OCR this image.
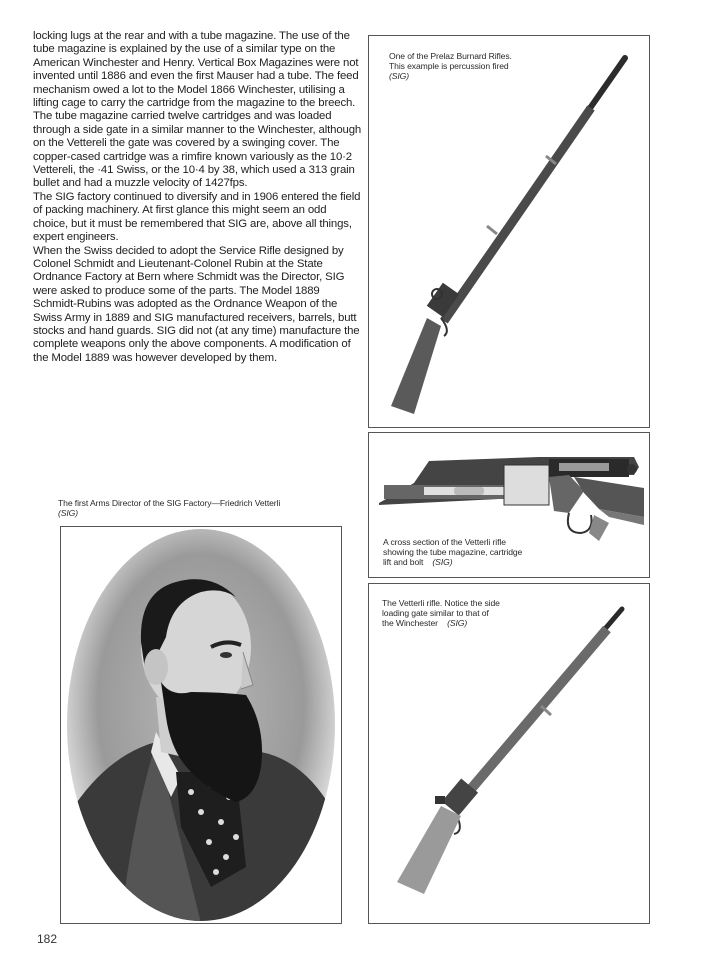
locking lugs at the rear and with a tube magazine. The use of the tube magazine is explained by the use of a similar type on the American Winchester and Henry. Vertical Box Magazines were not invented until 1886 and even the first Mauser had a tube. The feed mechanism owed a lot to the Model 1866 Winchester, utilising a lifting cage to carry the cartridge from the magazine to the breech. The tube magazine carried twelve cartridges and was loaded through a side gate in a similar manner to the Winchester, although on the Vettereli the gate was covered by a swinging cover. The copper-cased cartridge was a rimfire known variously as the 10·2 Vettereli, the ·41 Swiss, or the 10·4 by 38, which used a 313 grain bullet and had a muzzle velocity of 1427fps.

The SIG factory continued to diversify and in 1906 entered the field of packing machinery. At first glance this might seem an odd choice, but it must be remembered that SIG are, above all things, expert engineers.

When the Swiss decided to adopt the Service Rifle designed by Colonel Schmidt and Lieutenant-Colonel Rubin at the State Ordnance Factory at Bern where Schmidt was the Director, SIG were asked to produce some of the parts. The Model 1889 Schmidt-Rubins was adopted as the Ordnance Weapon of the Swiss Army in 1889 and SIG manufactured receivers, barrels, butt stocks and hand guards. SIG did not (at any time) manufacture the complete weapons only the above components. A modification of the Model 1889 was however developed by them.

The first Arms Director of the SIG Factory—Friedrich Vetterli
(SIG)
One of the Prelaz Burnard Rifles.
This example is percussion fired
(SIG)
A cross section of the Vetterli rifle
showing the tube magazine, cartridge
lift and bolt (SIG)
The Vetterli rifle. Notice the side
loading gate similar to that of
the Winchester (SIG)
182
